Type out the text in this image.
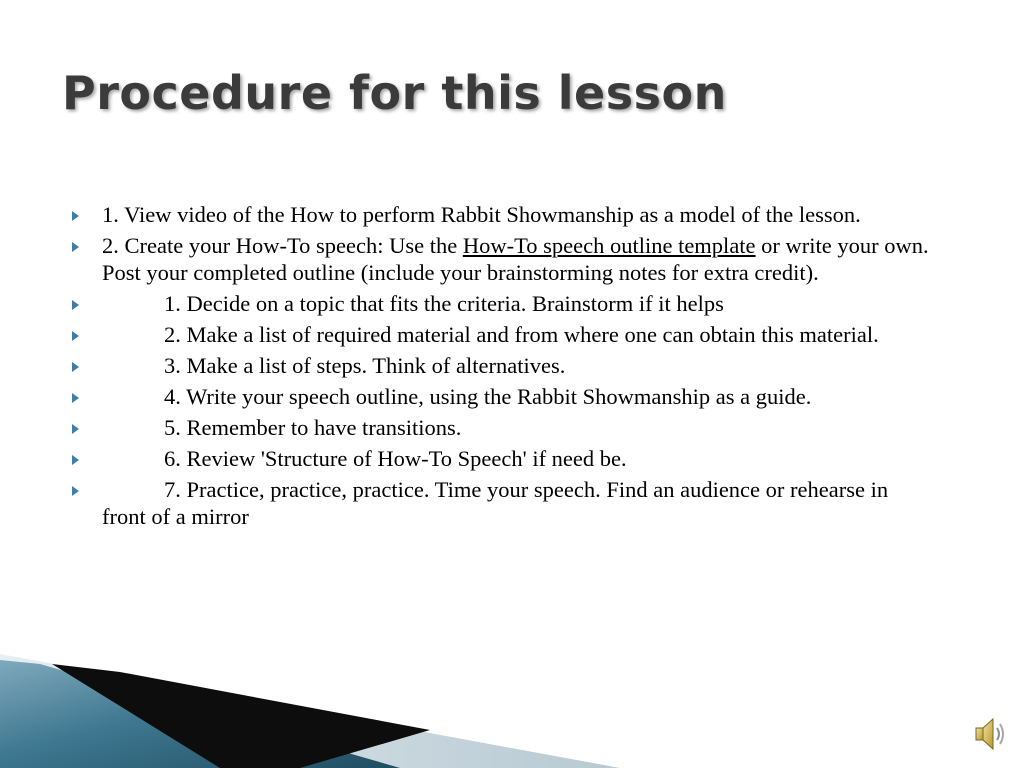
Procedure for this lesson
1. View video of the How to perform Rabbit Showmanship as a model of the lesson.
2. Create your How-To speech: Use the How-To speech outline template or write your own. Post your completed outline (include your brainstorming notes for extra credit).
1. Decide on a topic that fits the criteria. Brainstorm if it helps
2. Make a list of required material and from where one can obtain this material.
3. Make a list of steps. Think of alternatives.
4. Write your speech outline, using the Rabbit Showmanship as a guide.
5. Remember to have transitions.
6. Review 'Structure of How-To Speech' if need be.
7. Practice, practice, practice. Time your speech. Find an audience or rehearse infront of a mirror
